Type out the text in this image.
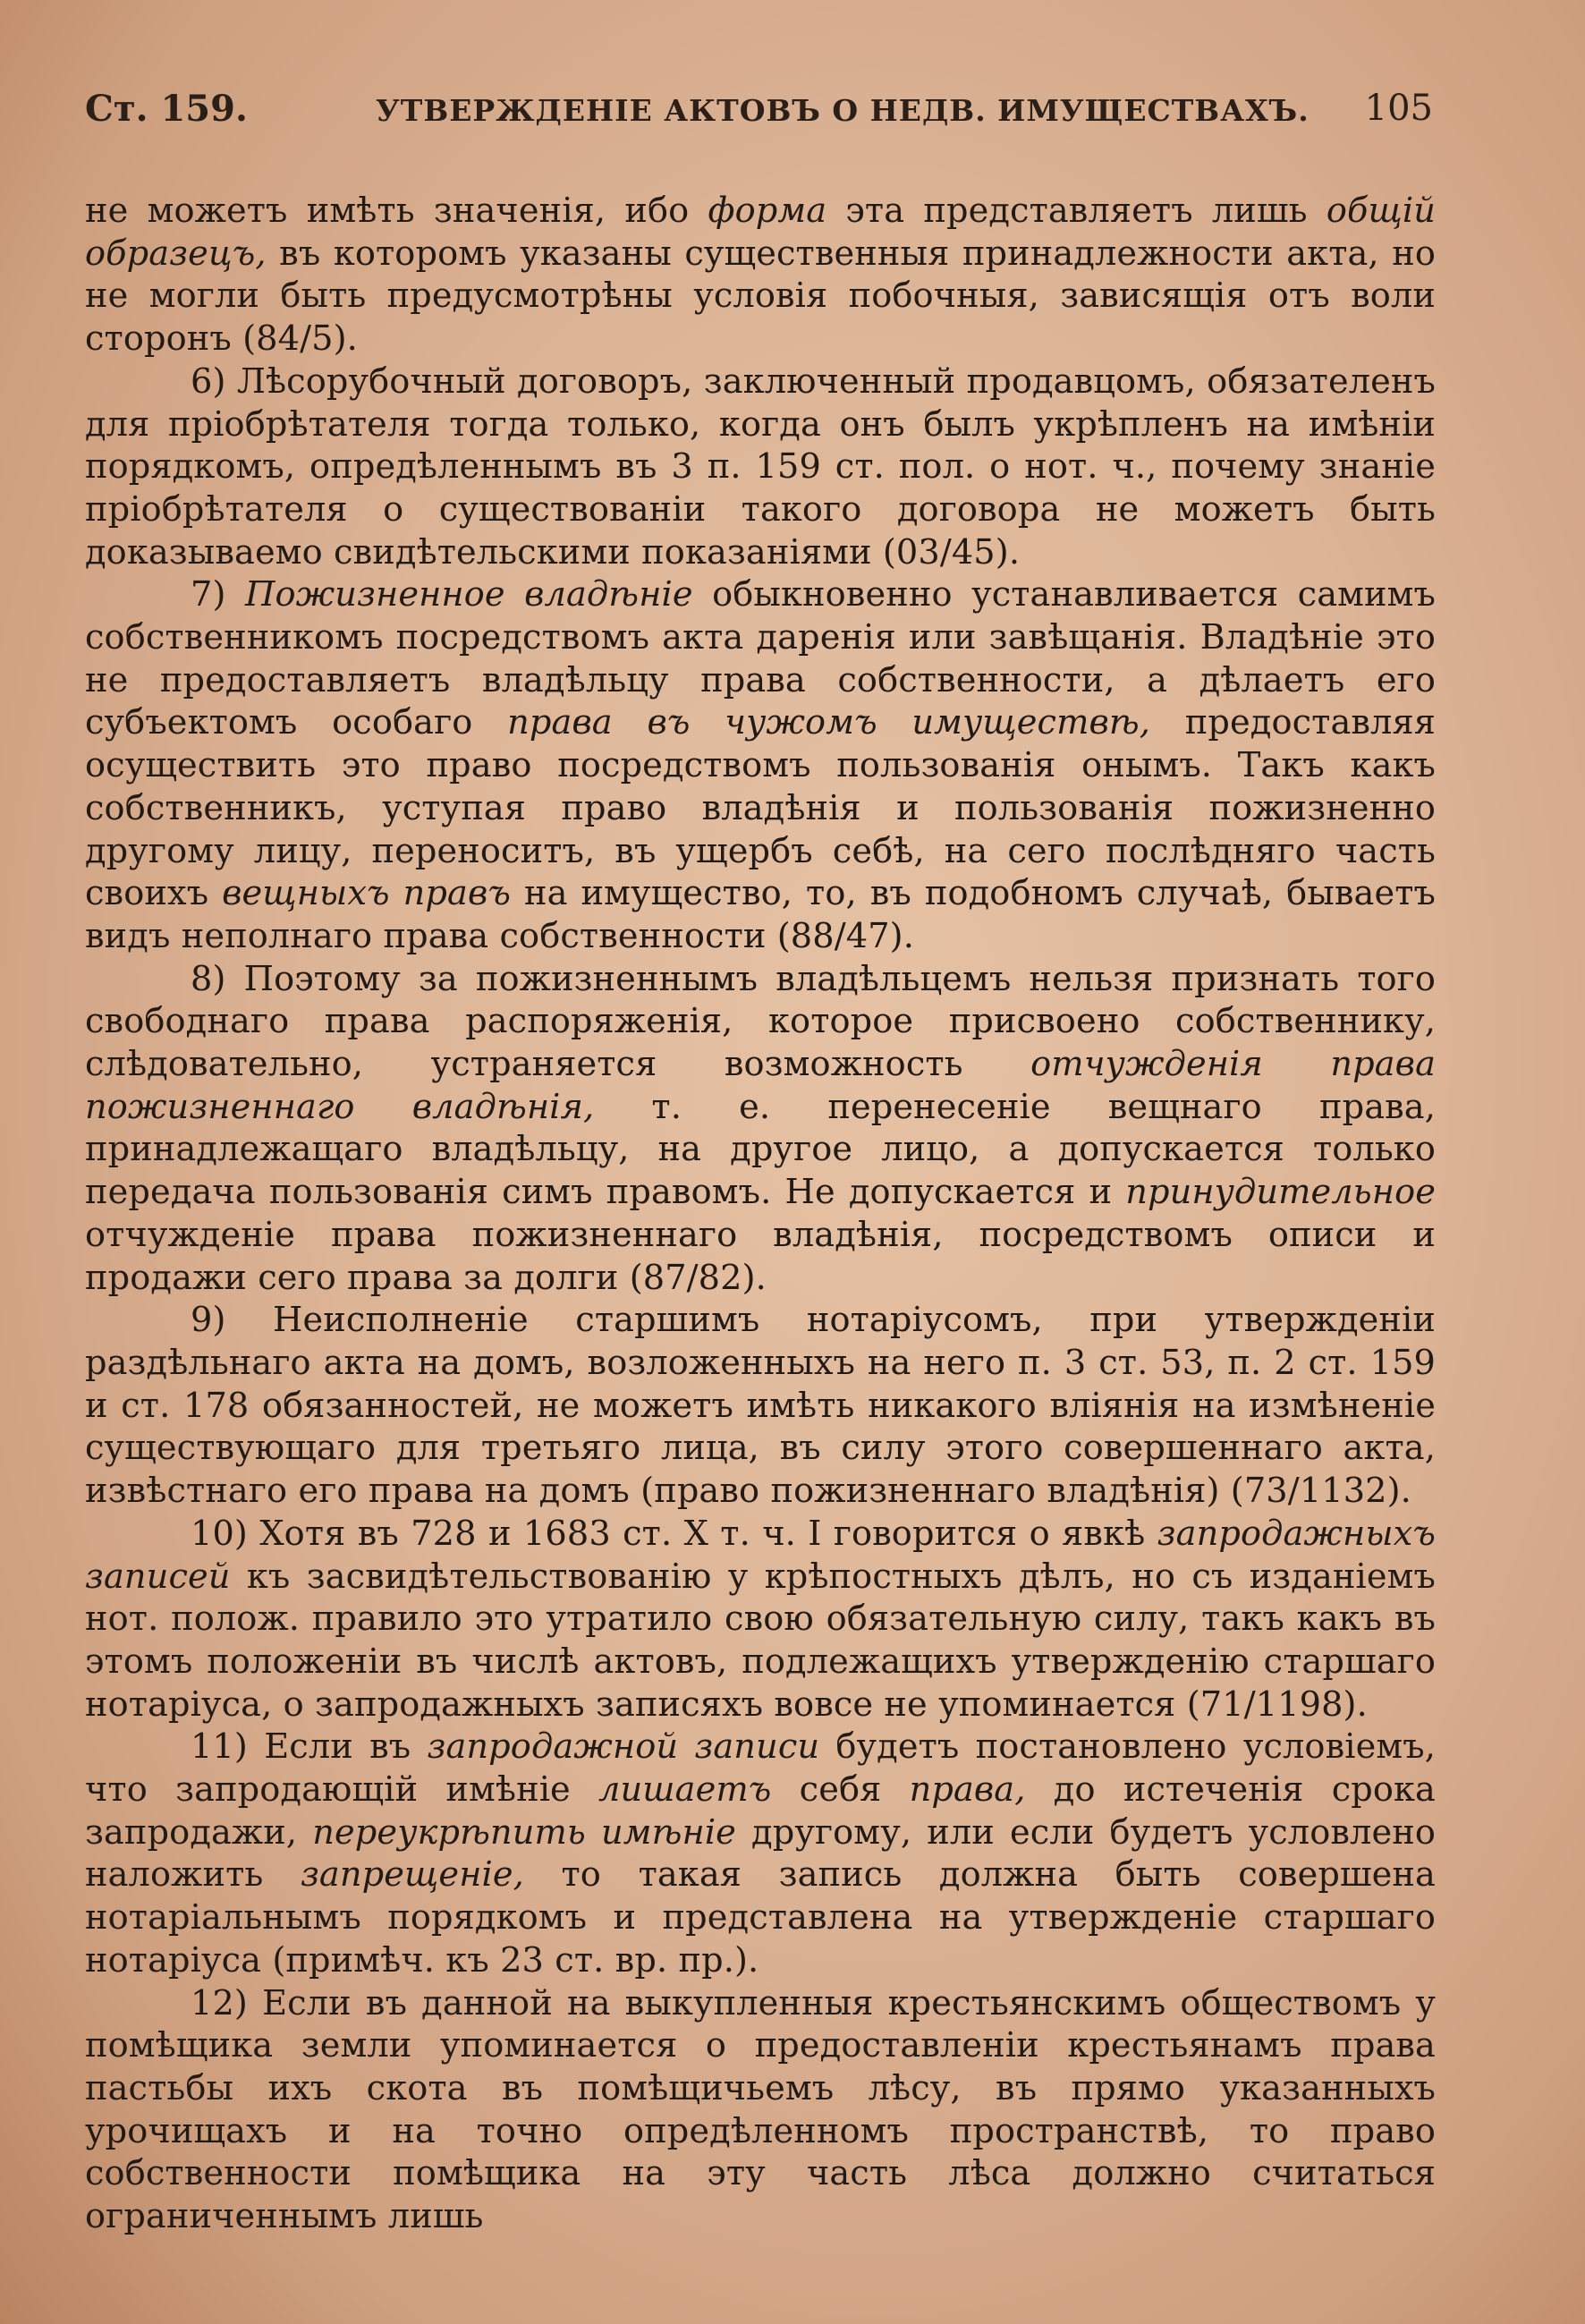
Ст. 159.	УТВЕРЖДЕНІЕ АКТОВЪ О НЕДВ. ИМУЩЕСТВАХЪ. 105

не можетъ имѣть значенія, ибо форма эта представляетъ лишь общій образецъ, въ которомъ указаны существенныя принадлежности акта, но не могли быть предусмотрѣны условія побочныя, зависящія отъ воли сторонъ (84/5).

6) Лѣсорубочный договоръ, заключенный продавцомъ, обязателенъ для пріобрѣтателя тогда только, когда онъ былъ укрѣпленъ на имѣніи порядкомъ, опредѣленнымъ въ 3 п. 159 ст. пол. о нот. ч., почему знаніе пріобрѣтателя о существованіи такого договора не можетъ быть доказываемо свидѣтельскими показаніями (03/45).

7) Пожизненное владѣніе обыкновенно устанавливается самимъ собственникомъ посредствомъ акта даренія или завѣщанія. Владѣніе это не предоставляетъ владѣльцу права собственности, а дѣлаетъ его субъектомъ особаго права въ чужомъ имуществѣ, предоставляя осуществить это право посредствомъ пользованія онымъ. Такъ какъ собственникъ, уступая право владѣнія и пользованія пожизненно другому лицу, переноситъ, въ ущербъ себѣ, на сего послѣдняго часть своихъ вещныхъ правъ на имущество, то, въ подобномъ случаѣ, бываетъ видъ неполнаго права собственности (88/47).

8) Поэтому за пожизненнымъ владѣльцемъ нельзя признать того свободнаго права распоряженія, которое присвоено собственнику, слѣдовательно, устраняется возможность отчужденія права пожизненнаго владѣнія, т. е. перенесеніе вещнаго права, принадлежащаго владѣльцу, на другое лицо, а допускается только передача пользованія симъ правомъ. Не допускается и принудительное отчужденіе права пожизненнаго владѣнія, посредствомъ описи и продажи сего права за долги (87/82).

9) Неисполненіе старшимъ нотаріусомъ, при утвержденіи раздѣльнаго акта на домъ, возложенныхъ на него п. 3 ст. 53, п. 2 ст. 159 и ст. 178 обязанностей, не можетъ имѣть никакого вліянія на измѣненіе существующаго для третьяго лица, въ силу этого совершеннаго акта, извѣстнаго его права на домъ (право пожизненнаго владѣнія) (73/1132).

10) Хотя въ 728 и 1683 ст. X т. ч. I говорится о явкѣ запродажныхъ записей къ засвидѣтельствованію у крѣпостныхъ дѣлъ, но съ изданіемъ нот. полож. правило это утратило свою обязательную силу, такъ какъ въ этомъ положеніи въ числѣ актовъ, подлежащихъ утвержденію старшаго нотаріуса, о запродажныхъ записяхъ вовсе не упоминается (71/1198).

11) Если въ запродажной записи будетъ постановлено условіемъ, что запродающій имѣніе лишаетъ себя права, до истеченія срока запродажи, переукрѣпить имѣніе другому, или если будетъ условлено наложить запрещеніе, то такая запись должна быть совершена нотаріальнымъ порядкомъ и представлена на утвержденіе старшаго нотаріуса (примѣч. къ 23 ст. вр. пр.).

12) Если въ данной на выкупленныя крестьянскимъ обществомъ у помѣщика земли упоминается о предоставленіи крестьянамъ права пастьбы ихъ скота въ помѣщичьемъ лѣсу, въ прямо указанныхъ урочищахъ и на точно опредѣленномъ пространствѣ, то право собственности помѣщика на эту часть лѣса должно считаться ограниченнымъ лишь
